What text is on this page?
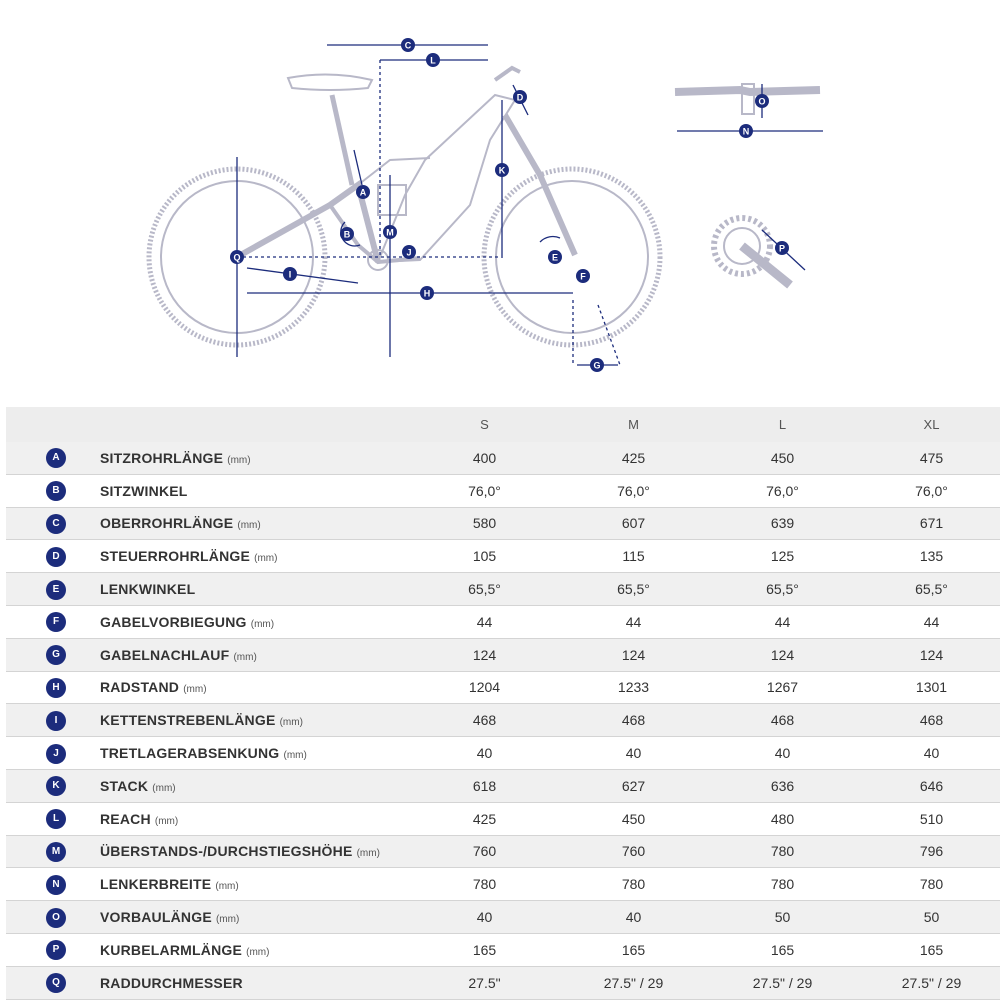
C
L
D
K
A
B	M
J
Q
I
H
E
F
G
O
N
P
		S	M	L	XL
A	SITZROHRLÄNGE (mm)	400	425	450	475
B	SITZWINKEL	76,0°	76,0°	76,0°	76,0°
C	OBERROHRLÄNGE (mm)	580	607	639	671
D	STEUERROHRLÄNGE (mm)	105	115	125	135
E	LENKWINKEL	65,5°	65,5°	65,5°	65,5°
F	GABELVORBIEGUNG (mm)	44	44	44	44
G	GABELNACHLAUF (mm)	124	124	124	124
H	RADSTAND (mm)	1204	1233	1267	1301
I	KETTENSTREBENLÄNGE (mm)	468	468	468	468
J	TRETLAGERABSENKUNG (mm)	40	40	40	40
K	STACK (mm)	618	627	636	646
L	REACH (mm)	425	450	480	510
M	ÜBERSTANDS-/DURCHSTIEGSHÖHE (mm)	760	760	780	796
N	LENKERBREITE (mm)	780	780	780	780
O	VORBAULÄNGE (mm)	40	40	50	50
P	KURBELARMLÄNGE (mm)	165	165	165	165
Q	RADDURCHMESSER	27.5"	27.5" / 29	27.5" / 29	27.5" / 29
